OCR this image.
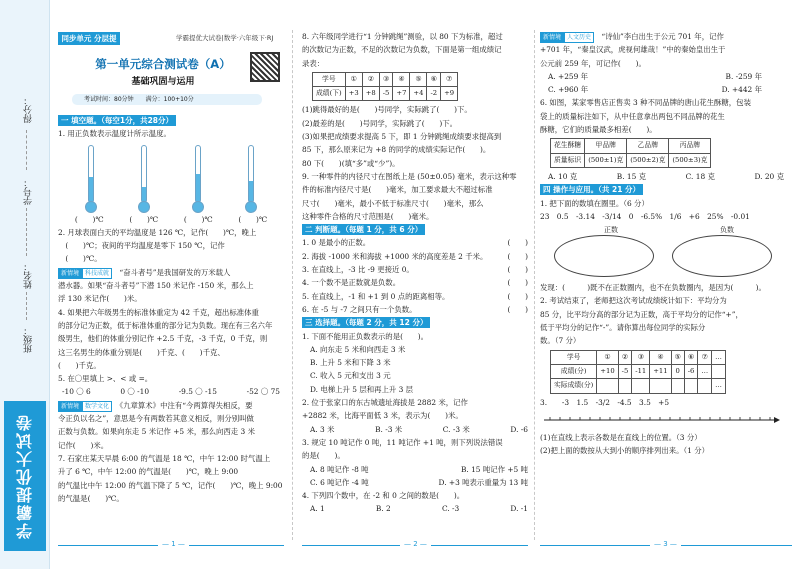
得分：
学号：
姓名：
班级：
学霸提优大试卷
同步单元 分层提优
学霸提优大试卷|数学·六年级下·RJ
第一单元综合测试卷（A）
基础巩固与运用
考试时间：80分钟　　满分：100+10分

一 填空题。（每空1分，共28分）

1. 用正负数表示温度计所示温度。

(　　)℃	(　　)℃	(　　)℃	(　　)℃

2. 月球表面白天的平均温度是 126 ℃，记作(　　)℃，晚上

　(　　)℃；夜间的平均温度是零下 150 ℃，记作

　(　　)℃。

新情境 科技成就　“奋斗者号”是我国研发的万米载人

潜水器。如果“奋斗者号”下潜 150 米记作 -150 米，那么上

浮 130 米记作(　　)米。

4. 如果把六年级男生的标准体重定为 42 千克，超出标准体重

的部分记为正数，低于标准体重的部分记为负数。现在有三名六年

级男生，他们的体重分别记作 +2.5 千克，-3 千克，0 千克，则

这三名男生的体重分别是(　　)千克、(　　)千克、

(　　)千克。

5. 在〇里填上 >、< 或 =。

-10 〇 6	0 〇 -10	-9.5 〇 -15	-52 〇 75

新情境 数学文化　《九章算术》中注有“今两算得失相反，要

令正负以名之”，意思是今有两数若其意义相反，则分别叫做

正数与负数。如果向东走 5 米记作 +5 米，那么向西走 3 米

记作(　　)米。

7. 石家庄某天早晨 6:00 的气温是 18 ℃，中午 12:00 时气温上

升了 6 ℃，中午 12:00 的气温是(　　)℃，晚上 9:00

的气温比中午 12:00 的气温下降了 5 ℃，记作(　　)℃，晚上 9:00

的气温是(　　)℃。

8. 六年级同学进行“1 分钟跳绳”测验，以 80 下为标准，超过

的次数记为正数，不足的次数记为负数，下面是第一组成绩记

录表：

学号	①	②	③	④	⑤	⑥	⑦
成绩(下)	+3	+8	-5	+7	+4	-2	+9

(1)跳得最好的是(　　)号同学，实际跳了(　　)下。

(2)最差的是(　　)号同学，实际跳了(　　)下。

(3)如果把成绩要求提高 5 下，即 1 分钟跳绳成绩要求提高到

85 下，那么原来记为 +8 的同学的成绩实际记作(　　)。

80 下(　　)(填“多”或“少”)。

9. 一种零件的内径尺寸在图纸上是 (50±0.05) 毫米，表示这种零

件的标准内径尺寸是(　　)毫米，加工要求最大不超过标准

尺寸(　　)毫米，最小不低于标准尺寸(　　)毫米，那么

这种零件合格的尺寸范围是(　　)毫米。

二 判断题。（每题 1 分，共 6 分）

1. 0 是最小的正数。	(　　)

2. 海拔 -1000 米和海拔 +1000 米的高度差是 2 千米。	(　　)

3. 在直线上，-3 比 -9 更接近 0。	(　　)

4. 一个数不是正数就是负数。	(　　)

5. 在直线上，-1 和 +1 到 0 点的距离相等。	(　　)

6. 在 -5 与 -7 之间只有一个负数。	(　　)

三 选择题。（每题 2 分，共 12 分）

1. 下面不能用正负数表示的是(　　)。

A. 向东走 5 米和向西走 3 米

B. 上升 5 米和下降 3 米

C. 收入 5 元和支出 3 元

D. 电梯上升 5 层和再上升 3 层

2. 位于张家口的东古城遗址海拔是 2882 米，记作

+2882 米，比海平面低 3 米，表示为(　　)米。

A. 3 米	B. -3 米	C. -3 米	D. -6

3. 规定 10 吨记作 0 吨，11 吨记作 +1 吨，则下列说法错误

的是(　　)。

A. 8 吨记作 -8 吨	B. 15 吨记作 +5 吨

C. 6 吨记作 -4 吨	D. +3 吨表示重量为 13 吨

4. 下列四个数中，在 -2 和 0 之间的数是(　　)。

A. 1	B. 2	C. -3	D. -1

新情境 人文历史　“诗仙”李白出生于公元 701 年，记作

+701 年，“秦皇汉武，虎视何雄哉！”中的秦始皇出生于

公元前 259 年，可记作(　　)。

A. +259 年	B. -259 年

C. +960 年	D. +442 年

6. 如图，某家零售店正售卖 3 种不同品牌的唐山花生酥糖，包装

袋上的质量标注如下，从中任意拿出两包不同品牌的花生

酥糖，它们的质量最多相差(　　)。

花生酥糖	甲品牌	乙品牌	丙品牌
质量标识	(500±1)克	(500±2)克	(500±3)克

A. 10 克	B. 15 克	C. 18 克	D. 20 克

四 操作与应用。（共 21 分）

1. 把下面的数填在圈里。（6 分）

23　0.5　-3.14　-3/14　0　-6.5%　1/6　+6　25%　-0.01

正数	负数

发现：(　　　)既不在正数圈内，也不在负数圈内，是因为(　　　)。

2. 考试结束了，老师把这次考试成绩统计如下：平均分为

85 分，比平均分高的部分记为正数，高于平均分的记作“+”，

低于平均分的记作“-”。请你算出每位同学的实际分

数。（7 分）

学号	①	②	③	④	⑤	⑥	⑦	…
成绩(分)	+10	-5	-11	+11	0	-6	…	
实际成绩(分)								…

3.　　 -3　1.5　-3/2　-4.5　3.5　+5

(1)在直线上表示各数是在直线上的位置。（3 分）

(2)把上面的数按从大到小的顺序排列出来。（1 分）

— 1 —	— 2 —	— 3 —
